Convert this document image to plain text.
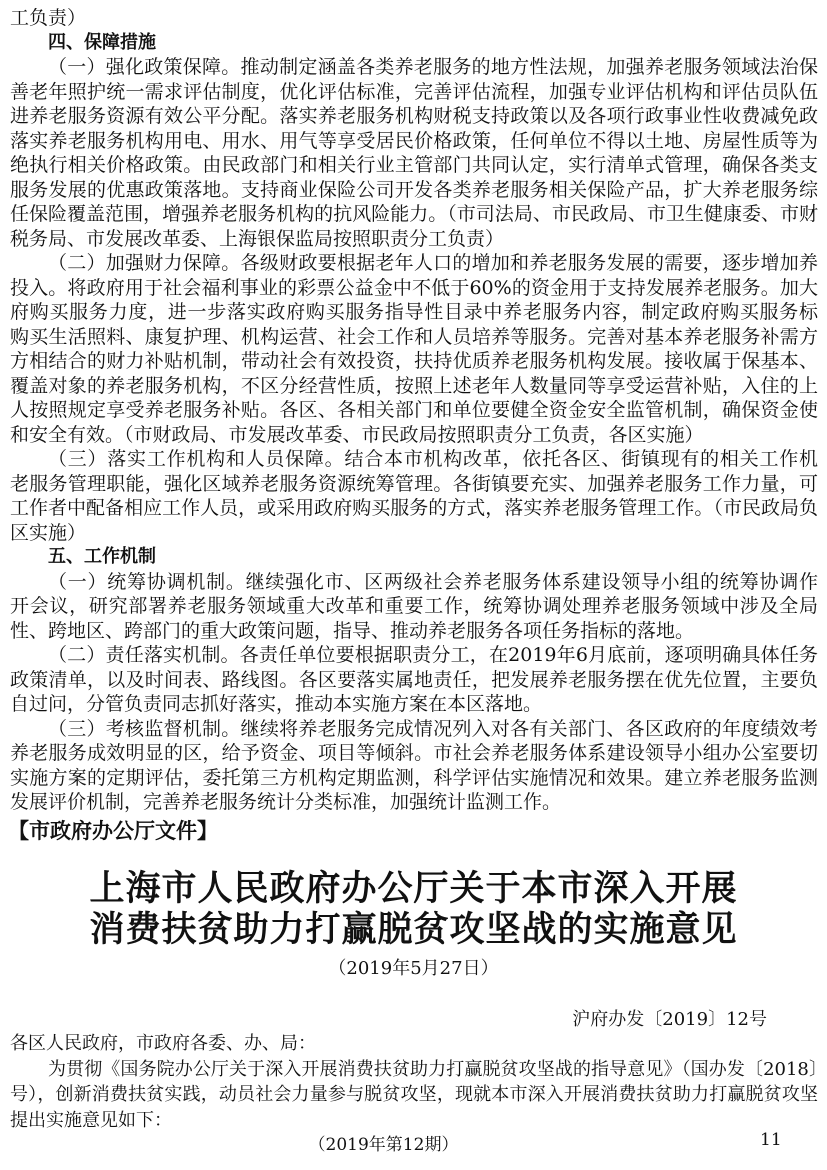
工负责）
四、保障措施
（一）强化政策保障。推动制定涵盖各类养老服务的地方性法规，加强养老服务领域法治保
善老年照护统一需求评估制度，优化评估标准，完善评估流程，加强专业评估机构和评估员队伍
进养老服务资源有效公平分配。落实养老服务机构财税支持政策以及各项行政事业性收费减免政
落实养老服务机构用电、用水、用气等享受居民价格政策，任何单位不得以土地、房屋性质等为
绝执行相关价格政策。由民政部门和相关行业主管部门共同认定，实行清单式管理，确保各类支
服务发展的优惠政策落地。支持商业保险公司开发各类养老服务相关保险产品，扩大养老服务综
任保险覆盖范围，增强养老服务机构的抗风险能力。（市司法局、市民政局、市卫生健康委、市财
税务局、市发展改革委、上海银保监局按照职责分工负责）
（二）加强财力保障。各级财政要根据老年人口的增加和养老服务发展的需要，逐步增加养
投入。将政府用于社会福利事业的彩票公益金中不低于60%的资金用于支持发展养老服务。加大
府购买服务力度，进一步落实政府购买服务指导性目录中养老服务内容，制定政府购买服务标
购买生活照料、康复护理、机构运营、社会工作和人员培养等服务。完善对基本养老服务补需方
方相结合的财力补贴机制，带动社会有效投资，扶持优质养老服务机构发展。接收属于保基本、
覆盖对象的养老服务机构，不区分经营性质，按照上述老年人数量同等享受运营补贴，入住的上
人按照规定享受养老服务补贴。各区、各相关部门和单位要健全资金安全监管机制，确保资金使
和安全有效。（市财政局、市发展改革委、市民政局按照职责分工负责，各区实施）
（三）落实工作机构和人员保障。结合本市机构改革，依托各区、街镇现有的相关工作机
老服务管理职能，强化区域养老服务资源统筹管理。各街镇要充实、加强养老服务工作力量，可
工作者中配备相应工作人员，或采用政府购买服务的方式，落实养老服务管理工作。（市民政局负
区实施）
五、工作机制
（一）统筹协调机制。继续强化市、区两级社会养老服务体系建设领导小组的统筹协调作
开会议，研究部署养老服务领域重大改革和重要工作，统筹协调处理养老服务领域中涉及全局
性、跨地区、跨部门的重大政策问题，指导、推动养老服务各项任务指标的落地。
（二）责任落实机制。各责任单位要根据职责分工，在2019年6月底前，逐项明确具体任务
政策清单，以及时间表、路线图。各区要落实属地责任，把发展养老服务摆在优先位置，主要负
自过问，分管负责同志抓好落实，推动本实施方案在本区落地。
（三）考核监督机制。继续将养老服务完成情况列入对各有关部门、各区政府的年度绩效考
养老服务成效明显的区，给予资金、项目等倾斜。市社会养老服务体系建设领导小组办公室要切
实施方案的定期评估，委托第三方机构定期监测，科学评估实施情况和效果。建立养老服务监测
发展评价机制，完善养老服务统计分类标准，加强统计监测工作。
【市政府办公厅文件】
上海市人民政府办公厅关于本市深入开展
消费扶贫助力打赢脱贫攻坚战的实施意见
（2019年5月27日）
沪府办发〔2019〕12号
各区人民政府，市政府各委、办、局：
为贯彻《国务院办公厅关于深入开展消费扶贫助力打赢脱贫攻坚战的指导意见》（国办发〔2018〕
号），创新消费扶贫实践，动员社会力量参与脱贫攻坚，现就本市深入开展消费扶贫助力打赢脱贫攻坚
提出实施意见如下：
（2019年第12期）	11
